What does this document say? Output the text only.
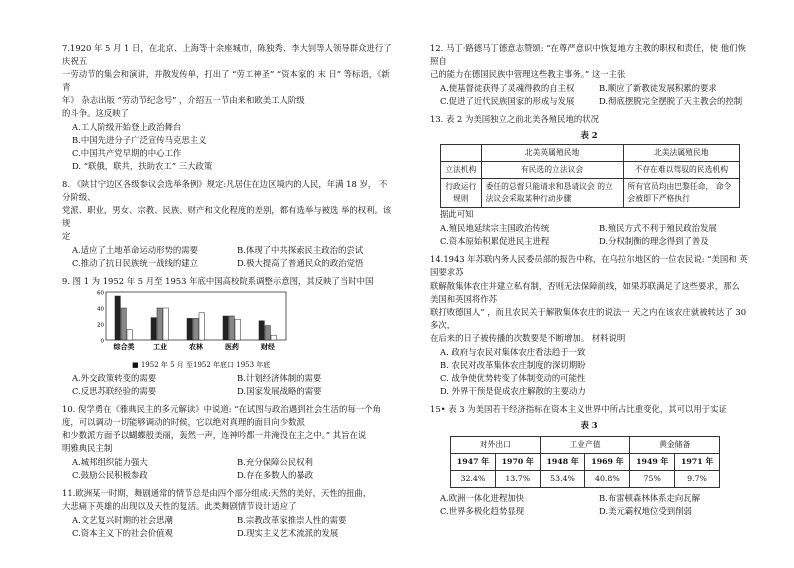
7.1920 年 5 月 1 日，在北京、上海等十余座城市，陈独秀、李大钊等人领导群众进行了庆祝五

一劳动节的集会和演讲，并散发传单，打出了 “劳工神圣” “资本家的 末 日” 等标语，《新青

年》 杂志出版 “劳动节纪念号” ，介绍五一节由来和欧美工人阶级

的斗争。这反映了

A.工人阶级开始登上政治舞台
B.中国先进分子广泛宣传马克思主义
C.中国共产党早期的中心工作
D. “联俄，联共，扶助农工” 三大政策

8. 《陕甘宁边区各级参议会选举条例》规定:凡居住在边区境内的人民，年满 18 岁， 不分阶级、

党派、职业，男女、宗教、民族、财产和文化程度的差别，都有选举与被选 举的权利。该规

定

A.适应了土地革命运动形势的需要	B.体现了中共探索民主政治的尝试
C.推动了抗日民族统一战线的建立	D.极大提高了普通民众的政治觉悟

9. 图 1 为 1952 年 5 月至 1953 年底中国高校院系调整示意图，其反映了当时中国

60
40
20
0
综合类	工业	农林	医药	财经
■ 1952 年 5 月 至1952 年底口 1953 年底
A.外交政策转变的需要	B.计划经济体制的需要
C.反思苏联经验的需要	D.国家发展战略的需要

10. 倪学勇在《雅典民主的多元解读》中说道: “在试图与政治遇到社会生活的每一个角

度，可以调动一切能够调动的时候，它以绝对真理的面目向少数派

和少数派方面予以蝴蝶般美丽，轰然一声，连神吟都一并淹没在主之中。” 其旨在说

明雅典民主制

A.城邦组织能力强大	B.充分保障公民权利
C.鼓励公民积极参政	D.存在多数人的暴政

11.欧洲某一时期，舞剧通常的情节总是由四个部分组成:天然的美好，天性的扭曲，

大悲痛下英雄的出现以及天性的复活。此类舞剧情节设计适应了

A.文艺复兴时期的社会思潮	B.宗教改革家推崇人性的需要
C.资本主义下的社会价值观	D.现实主义艺术流派的发展

12. 马丁·路德马丁德意志赞颂: “在尊严意识中恢复地方主教的职权和责任，使 他们恢照自

己的能力在德国民族中管理这些教主事务。” 这一主张

A.使基督徒获得了灵魂得救的自主权	B.顺应了新教徒发展积累的要求
C.促进了近代民族国家的形成与发展	D.彻底摆脱完全摆脱了天主教会的控制

13. 表 2 为美国独立之前北美各殖民地的状况

表 2
	北美英属殖民地	北美法属殖民地
立法机构	有民选的立法议会	不存在难以驾驭的民选机构
行政运行规则	委任的总督只能请求和恳请议会 的立法议会采取某种行动步骤	所有官员均由巴黎任命， 命令会被即下严格执行

据此可知

A.殖民地延续宗主国政治传统	B.殖民方式不利于殖民政治发展
C.资本原始积累促进民主进程	D.分权制衡的理念得到了普及

14.1943 年苏联内务人民委员部的报告中称，在乌拉尔地区的一位农民说: “美国和 英国要求苏

联解散集体农庄并建立私有制，否则无法保障前线，如果苏联满足了这些要求，那么美国和英国将作苏

联打败德国人” ，而且农民关于解散集体农庄的说法一 天之内在该农庄就被转达了 30 多次，

在后来的日子被传播的次数要是不断增加。 材料说明

A. 政府与农民对集体农庄看法趋于一致
B. 农民对改革集体农庄制度的深切期盼
C. 战争使优势转变了体制变动的可能性
D. 外界干预是促成农庄解散的主要动力

15• 表 3 为美国若干经济指标在资本主义世界中所占比重变化，其可以用于实证

表 3
对外出口		工业产值		黄金储备	
1947 年	1970 年	1948 年	1969 年	1949 年	1971 年
32.4%	13.7%	53.4%	40.8%	75%	9.7%
A.欧洲一体化进程加快	B.布雷顿森林体系走向瓦解
C.世界多极化趋势显现	D.美元霸权地位受到削弱
